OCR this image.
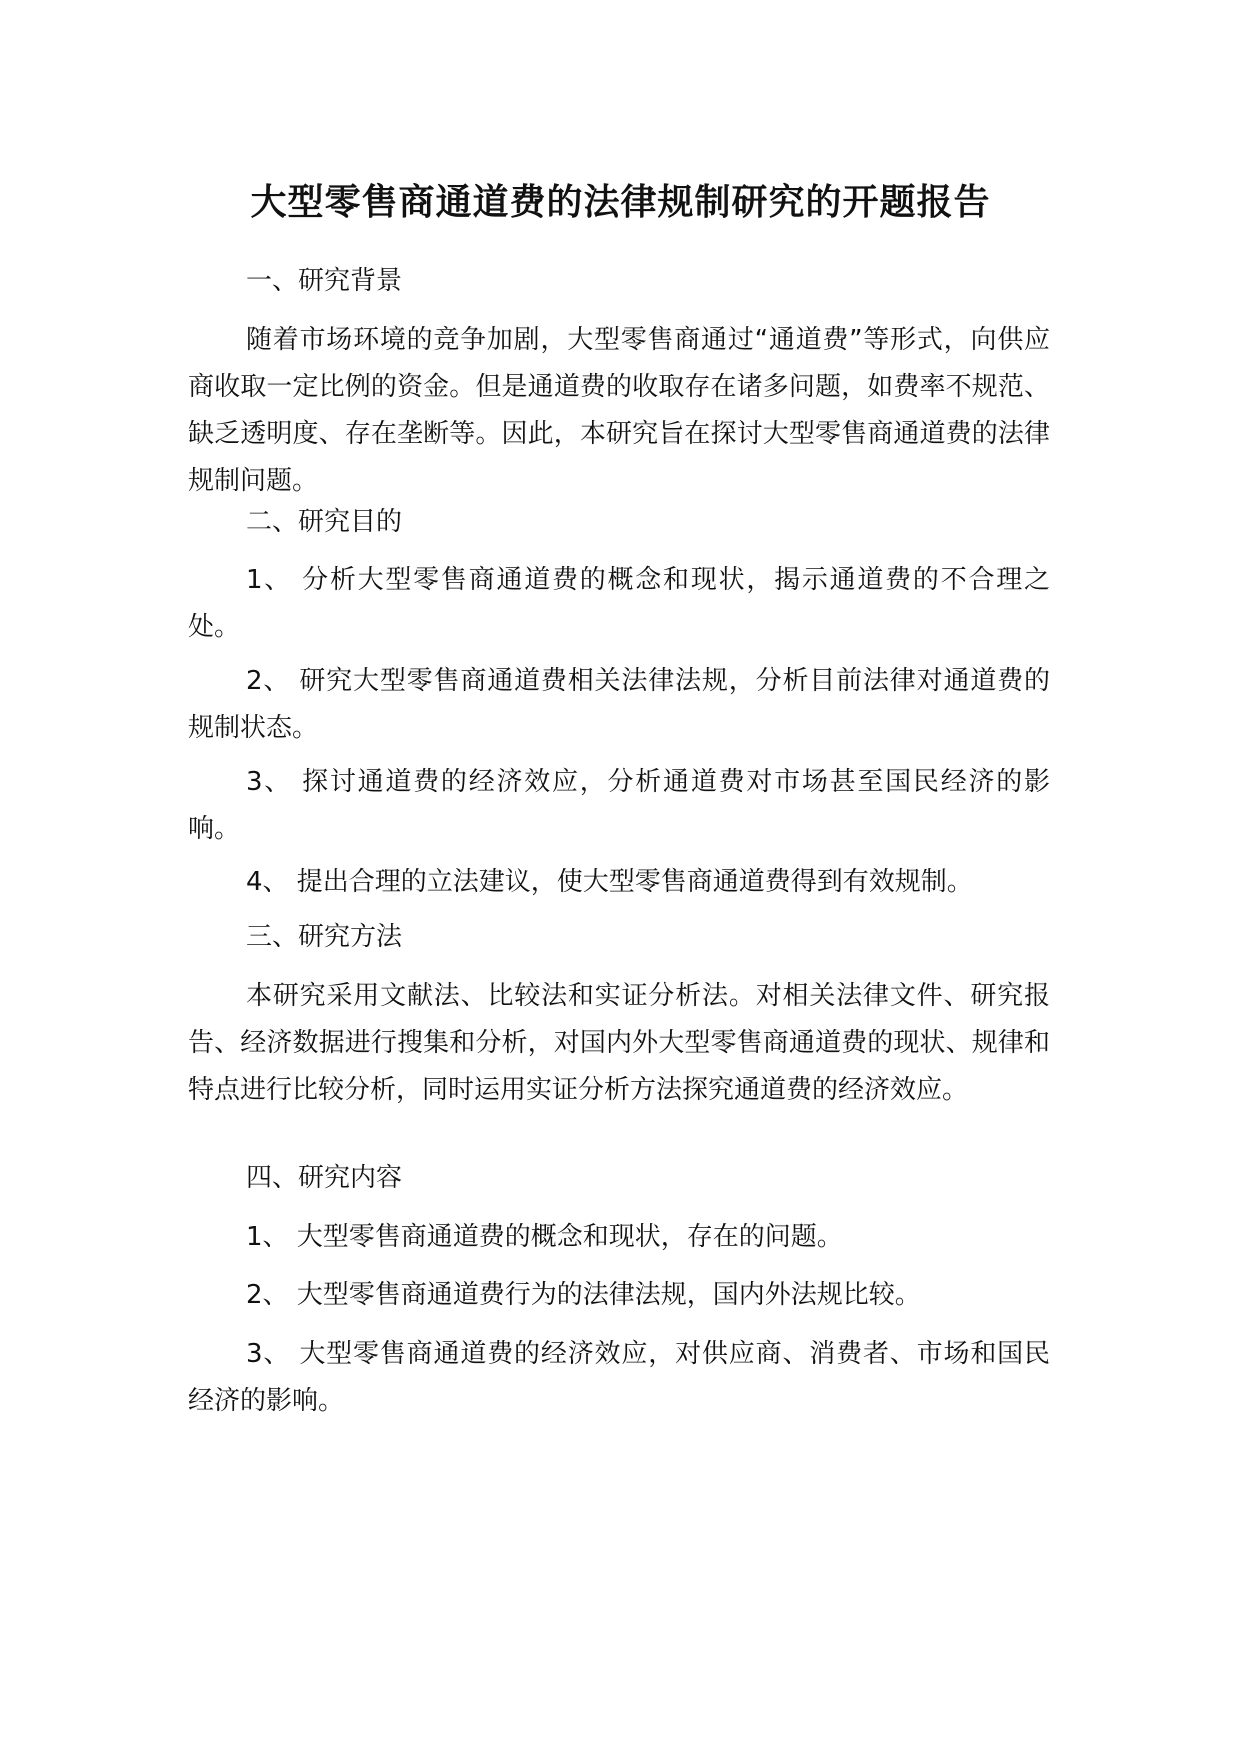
大型零售商通道费的法律规制研究的开题报告

一、研究背景

随着市场环境的竞争加剧，大型零售商通过“通道费”等形式，向供应商收取一定比例的资金。但是通道费的收取存在诸多问题，如费率不规范、缺乏透明度、存在垄断等。因此，本研究旨在探讨大型零售商通道费的法律规制问题。

二、研究目的

1、 分析大型零售商通道费的概念和现状，揭示通道费的不合理之处。

2、 研究大型零售商通道费相关法律法规，分析目前法律对通道费的规制状态。

3、 探讨通道费的经济效应，分析通道费对市场甚至国民经济的影响。

4、 提出合理的立法建议，使大型零售商通道费得到有效规制。

三、研究方法

本研究采用文献法、比较法和实证分析法。对相关法律文件、研究报告、经济数据进行搜集和分析，对国内外大型零售商通道费的现状、规律和特点进行比较分析，同时运用实证分析方法探究通道费的经济效应。

四、研究内容

1、 大型零售商通道费的概念和现状，存在的问题。

2、 大型零售商通道费行为的法律法规，国内外法规比较。

3、 大型零售商通道费的经济效应，对供应商、消费者、市场和国民经济的影响。
